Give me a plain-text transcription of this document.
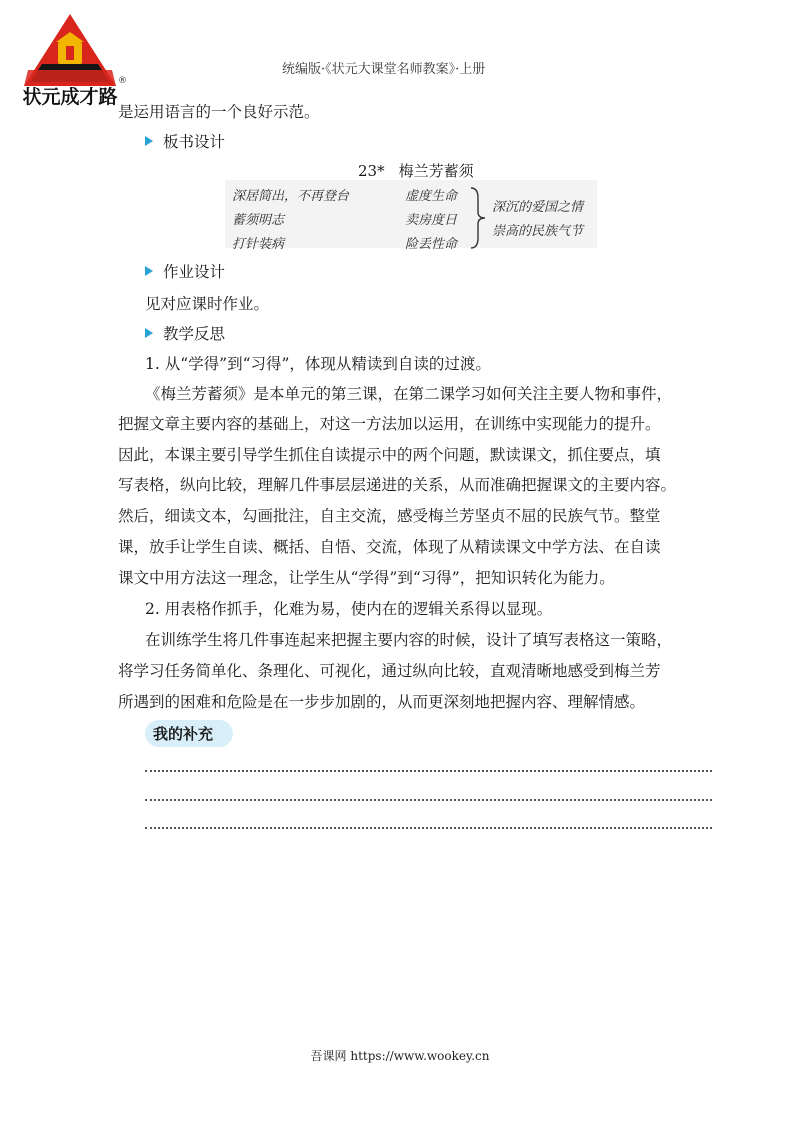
状元成才路
®
统编版·《状元大课堂名师教案》·上册
是运用语言的一个良好示范。
板书设计
23* 梅兰芳蓄须
深居简出，不再登台
蓄须明志
打针装病
虚度生命
卖房度日
险丢性命
深沉的爱国之情
崇高的民族气节
作业设计
见对应课时作业。
教学反思
1. 从“学得”到“习得”，体现从精读到自读的过渡。
《梅兰芳蓄须》是本单元的第三课，在第二课学习如何关注主要人物和事件，
把握文章主要内容的基础上，对这一方法加以运用，在训练中实现能力的提升。
因此，本课主要引导学生抓住自读提示中的两个问题，默读课文，抓住要点，填
写表格，纵向比较，理解几件事层层递进的关系，从而准确把握课文的主要内容。
然后，细读文本，勾画批注，自主交流，感受梅兰芳坚贞不屈的民族气节。整堂
课，放手让学生自读、概括、自悟、交流，体现了从精读课文中学方法、在自读
课文中用方法这一理念，让学生从“学得”到“习得”，把知识转化为能力。
2. 用表格作抓手，化难为易，使内在的逻辑关系得以显现。
在训练学生将几件事连起来把握主要内容的时候，设计了填写表格这一策略，
将学习任务简单化、条理化、可视化，通过纵向比较，直观清晰地感受到梅兰芳
所遇到的困难和危险是在一步步加剧的，从而更深刻地把握内容、理解情感。
我的补充
吾课网 https://www.wookey.cn
